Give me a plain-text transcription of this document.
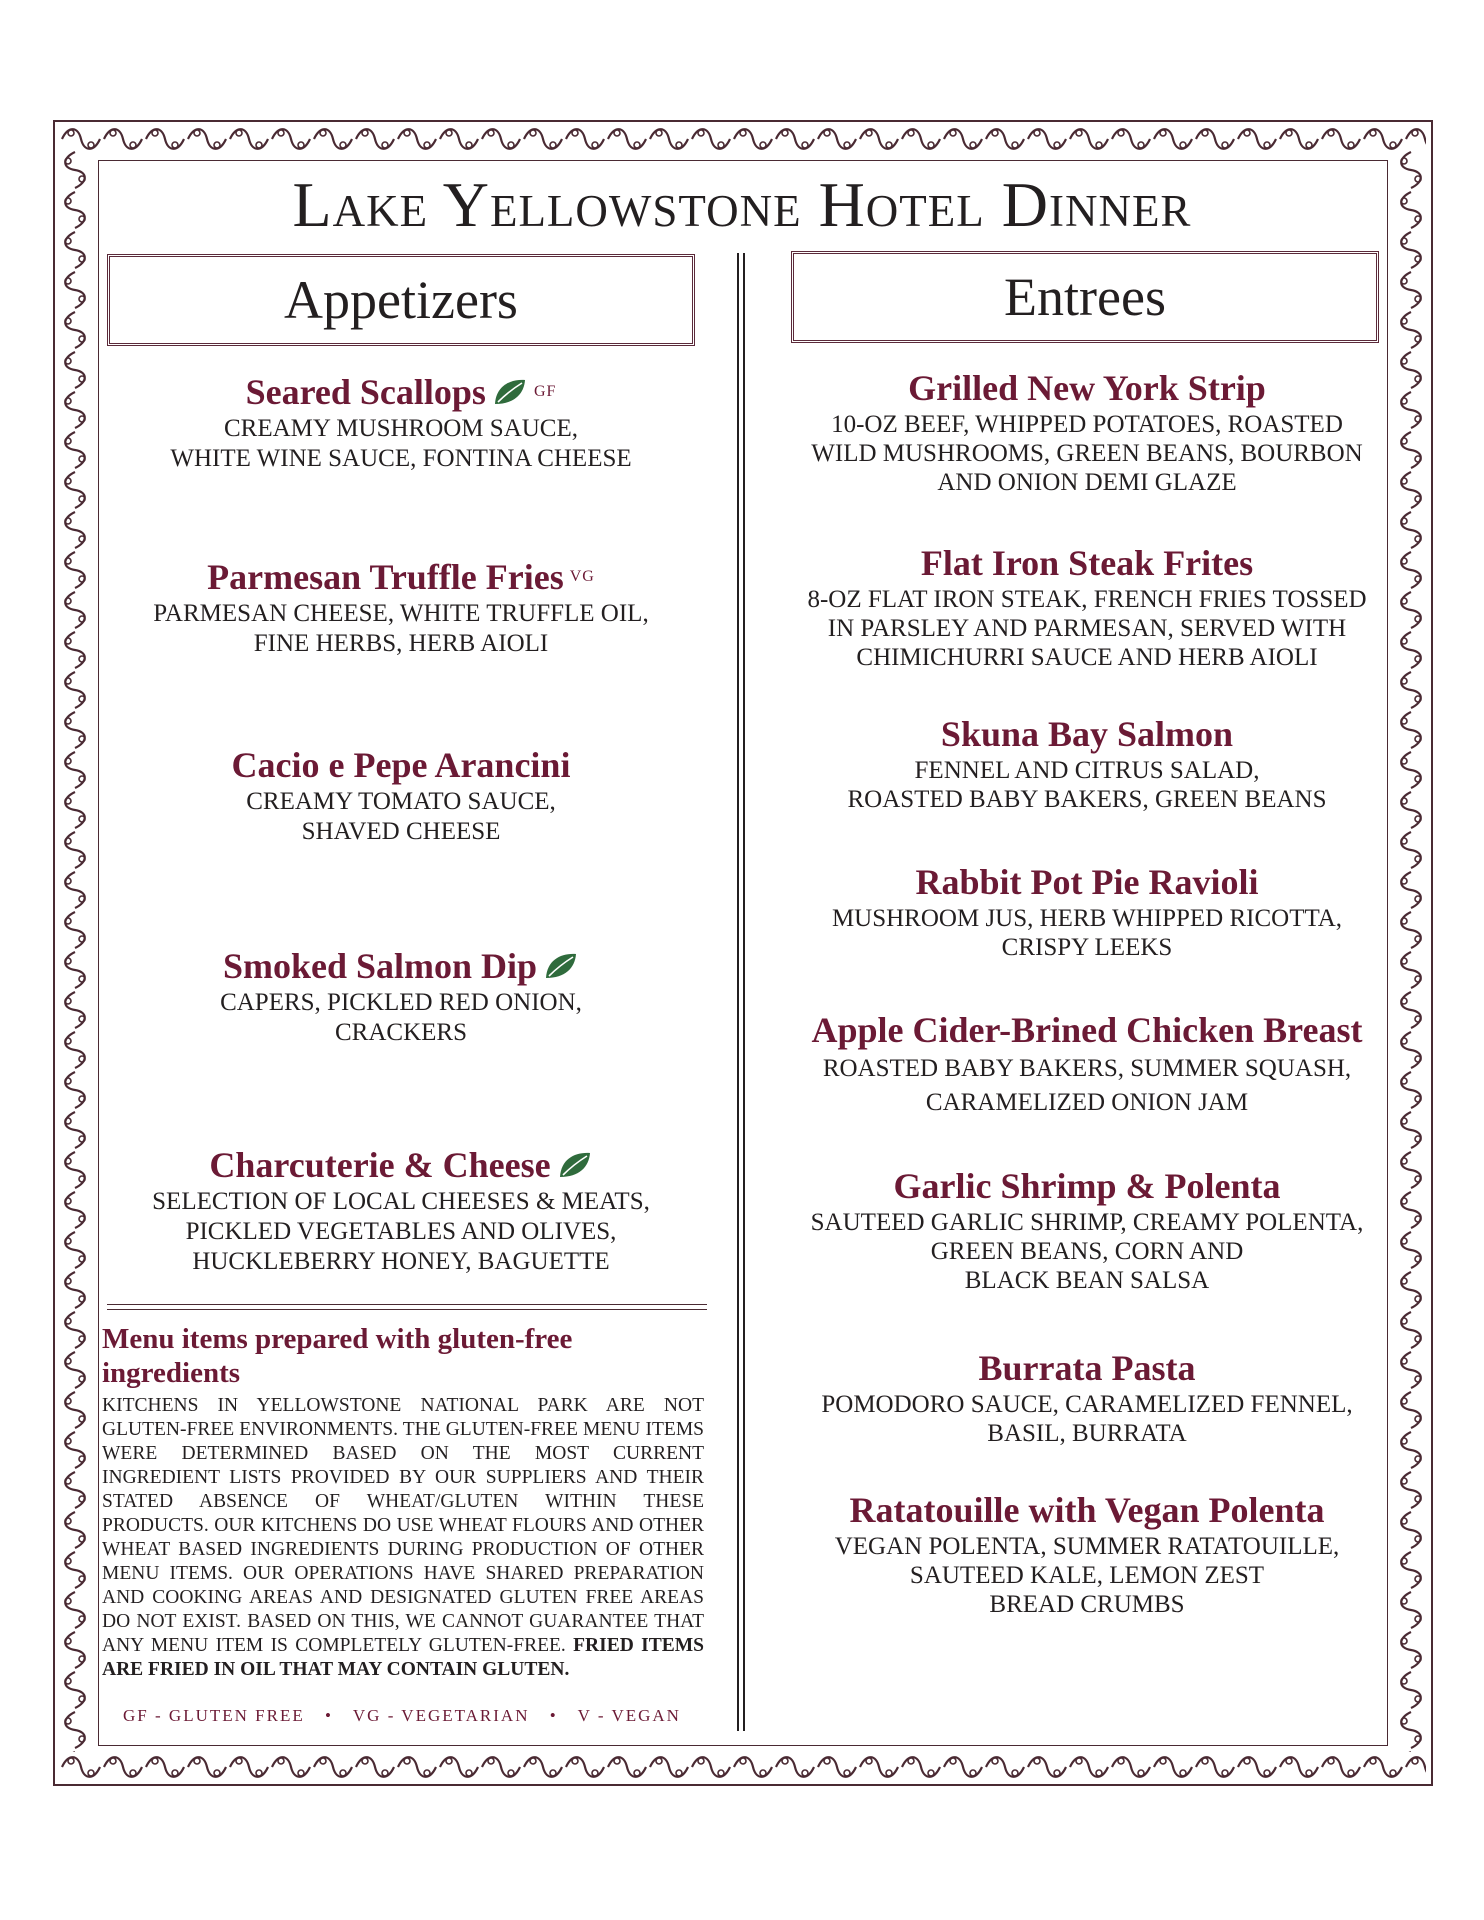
Lake Yellowstone Hotel Dinner
Appetizers	Entrees
Seared Scallops	GF
CREAMY MUSHROOM SAUCE,
WHITE WINE SAUCE, FONTINA CHEESE
Parmesan Truffle Fries VG
PARMESAN CHEESE, WHITE TRUFFLE OIL,
FINE HERBS, HERB AIOLI
Cacio e Pepe Arancini
CREAMY TOMATO SAUCE,
SHAVED CHEESE
Smoked Salmon Dip
CAPERS, PICKLED RED ONION,
CRACKERS
Charcuterie & Cheese
SELECTION OF LOCAL CHEESES & MEATS,
PICKLED VEGETABLES AND OLIVES,
HUCKLEBERRY HONEY, BAGUETTE

Menu items prepared with gluten-free ingredients

KITCHENS IN YELLOWSTONE NATIONAL PARK ARE NOT GLUTEN-FREE ENVIRONMENTS. THE GLUTEN-FREE MENU ITEMS WERE DETERMINED BASED ON THE MOST CURRENT INGREDIENT LISTS PROVIDED BY OUR SUPPLIERS AND THEIR STATED ABSENCE OF WHEAT/GLUTEN WITHIN THESE PRODUCTS. OUR KITCHENS DO USE WHEAT FLOURS AND OTHER WHEAT BASED INGREDIENTS DURING PRODUCTION OF OTHER MENU ITEMS. OUR OPERATIONS HAVE SHARED PREPARATION AND COOKING AREAS AND DESIGNATED GLUTEN FREE AREAS DO NOT EXIST. BASED ON THIS, WE CANNOT GUARANTEE THAT ANY MENU ITEM IS COMPLETELY GLUTEN-FREE. FRIED ITEMS ARE FRIED IN OIL THAT MAY CONTAIN GLUTEN.

GF - GLUTEN FREE • VG - VEGETARIAN • V - VEGAN
Grilled New York Strip
10-OZ BEEF, WHIPPED POTATOES, ROASTED
WILD MUSHROOMS, GREEN BEANS, BOURBON
AND ONION DEMI GLAZE
Flat Iron Steak Frites
8-OZ FLAT IRON STEAK, FRENCH FRIES TOSSED
IN PARSLEY AND PARMESAN, SERVED WITH
CHIMICHURRI SAUCE AND HERB AIOLI
Skuna Bay Salmon
FENNEL AND CITRUS SALAD,
ROASTED BABY BAKERS, GREEN BEANS
Rabbit Pot Pie Ravioli
MUSHROOM JUS, HERB WHIPPED RICOTTA,
CRISPY LEEKS
Apple Cider-Brined Chicken Breast
ROASTED BABY BAKERS, SUMMER SQUASH,
CARAMELIZED ONION JAM
Garlic Shrimp & Polenta
SAUTEED GARLIC SHRIMP, CREAMY POLENTA,
GREEN BEANS, CORN AND
BLACK BEAN SALSA
Burrata Pasta
POMODORO SAUCE, CARAMELIZED FENNEL,
BASIL, BURRATA
Ratatouille with Vegan Polenta
VEGAN POLENTA, SUMMER RATATOUILLE,
SAUTEED KALE, LEMON ZEST
BREAD CRUMBS
